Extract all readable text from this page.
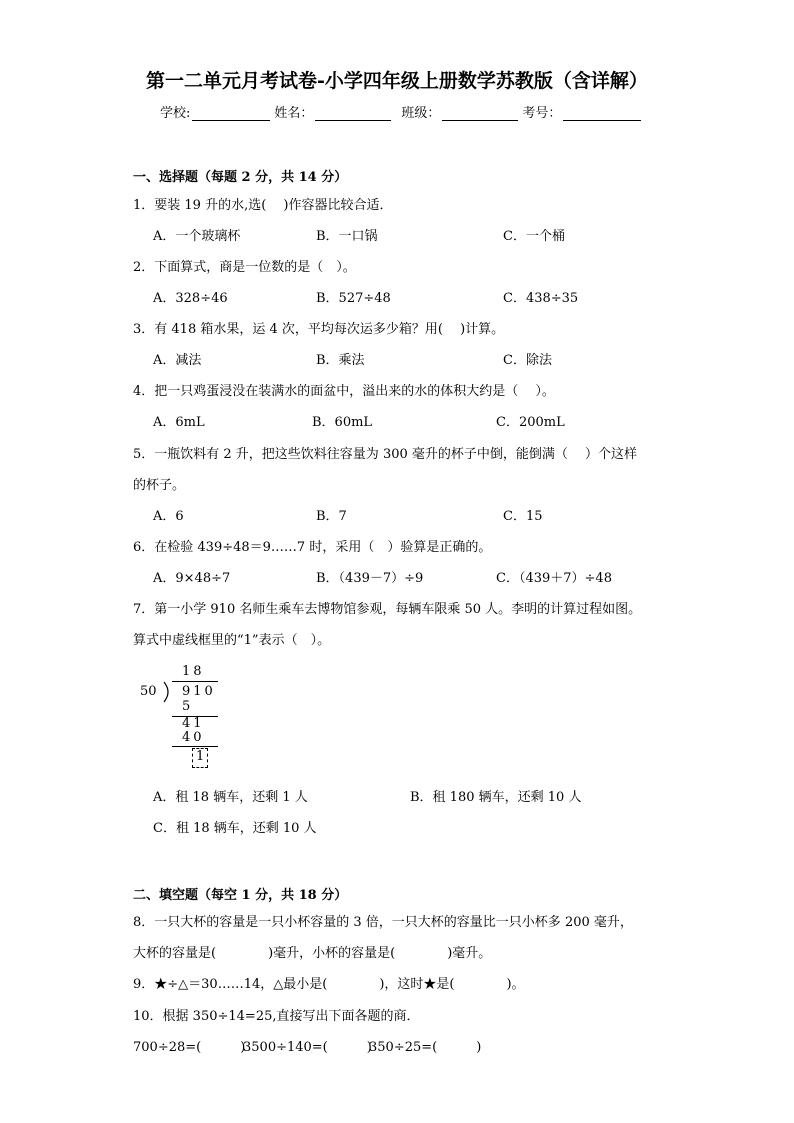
第一二单元月考试卷-小学四年级上册数学苏教版（含详解）
学校:	姓名：	班级：	考号：
一、选择题（每题 2 分，共 14 分）
1．要装 19 升的水,选(　 )作容器比较合适．
A．一个玻璃杯	B．一口锅	C．一个桶
2．下面算式，商是一位数的是（　）。
A．328÷46	B．527÷48	C．438÷35
3．有 418 箱水果，运 4 次，平均每次运多少箱？用(　 )计算。
A．减法	B．乘法	C．除法
4．把一只鸡蛋浸没在装满水的面盆中，溢出来的水的体积大约是（　 ）。
A．6mL	B．60mL	C．200mL
5．一瓶饮料有 2 升，把这些饮料往容量为 300 毫升的杯子中倒，能倒满（　 ）个这样
的杯子。
A．6	B．7	C．15
6．在检验 439÷48＝9……7 时，采用（　）验算是正确的。
A．9×48÷7	B．（439－7）÷9	C．（439＋7）÷48
7．第一小学 910 名师生乘车去博物馆参观，每辆车限乘 50 人。李明的计算过程如图。
算式中虚线框里的“1”表示（　）。
18
50 910
5
41
40
1
A．租 18 辆车，还剩 1 人	B．租 180 辆车，还剩 10 人
C．租 18 辆车，还剩 10 人
二、填空题（每空 1 分，共 18 分）
8．一只大杯的容量是一只小杯容量的 3 倍，一只大杯的容量比一只小杯多 200 毫升，
大杯的容量是(　　　　)毫升，小杯的容量是(　　　　)毫升。
9．★÷△＝30……14，△最小是(　　　　)，这时★是(　　　　)。
10．根据 350÷14=25,直接写出下面各题的商．
700÷28=(　　　)
3500÷140=(　　　)
350÷25=(　　　)
